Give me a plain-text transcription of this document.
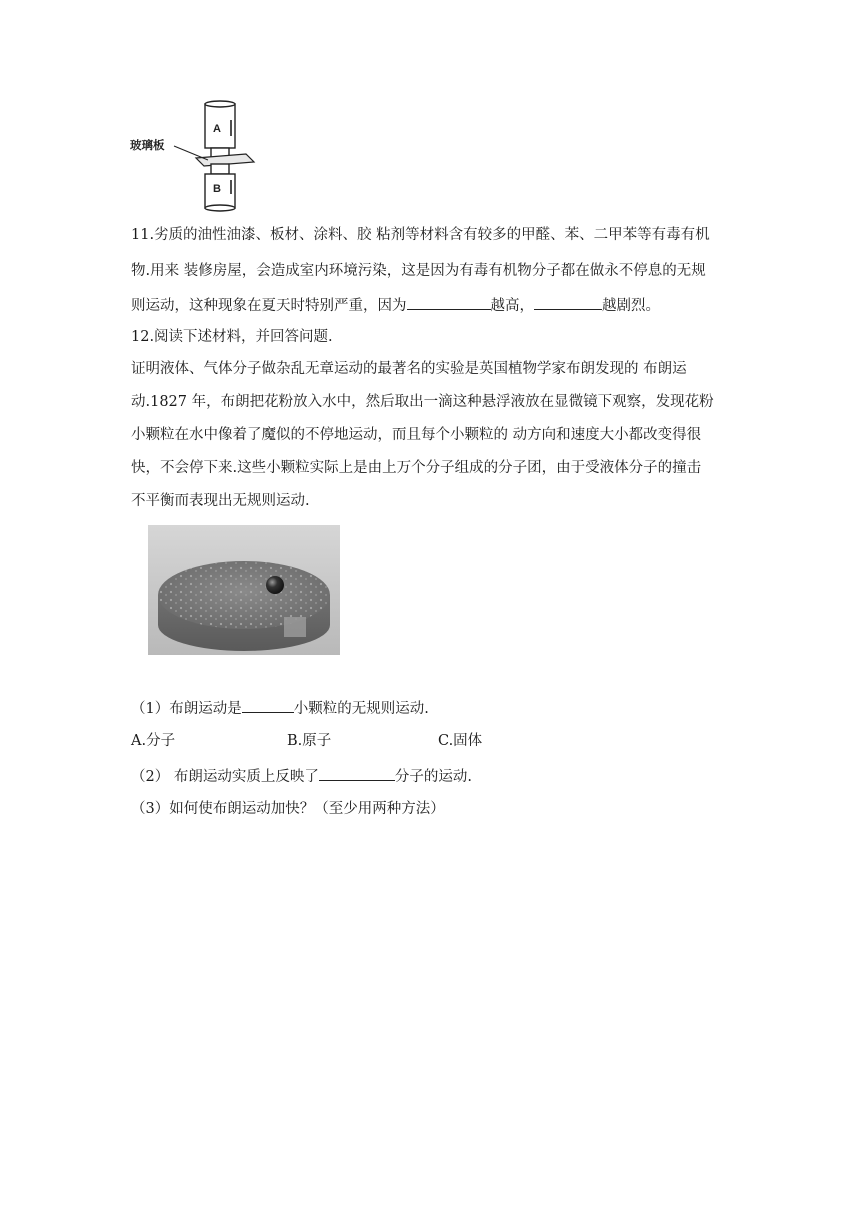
A
B
玻璃板
11.劣质的油性油漆、板材、涂料、胶 粘剂等材料含有较多的甲醛、苯、二甲苯等有毒有机
物.用来 装修房屋，会造成室内环境污染，这是因为有毒有机物分子都在做永不停息的无规
则运动，这种现象在夏天时特别严重，因为	越高，	越剧烈。
12.阅读下述材料，并回答问题.
证明液体、气体分子做杂乱无章运动的最著名的实验是英国植物学家布朗发现的 布朗运
动.1827 年，布朗把花粉放入水中，然后取出一滴这种悬浮液放在显微镜下观察，发现花粉
小颗粒在水中像着了魔似的不停地运动，而且每个小颗粒的 动方向和速度大小都改变得很
快，不会停下来.这些小颗粒实际上是由上万个分子组成的分子团，由于受液体分子的撞击
不平衡而表现出无规则运动.
（1）布朗运动是	小颗粒的无规则运动.
A.分子	B.原子	C.固体
（2） 布朗运动实质上反映了	分子的运动.
（3）如何使布朗运动加快？（至少用两种方法）
